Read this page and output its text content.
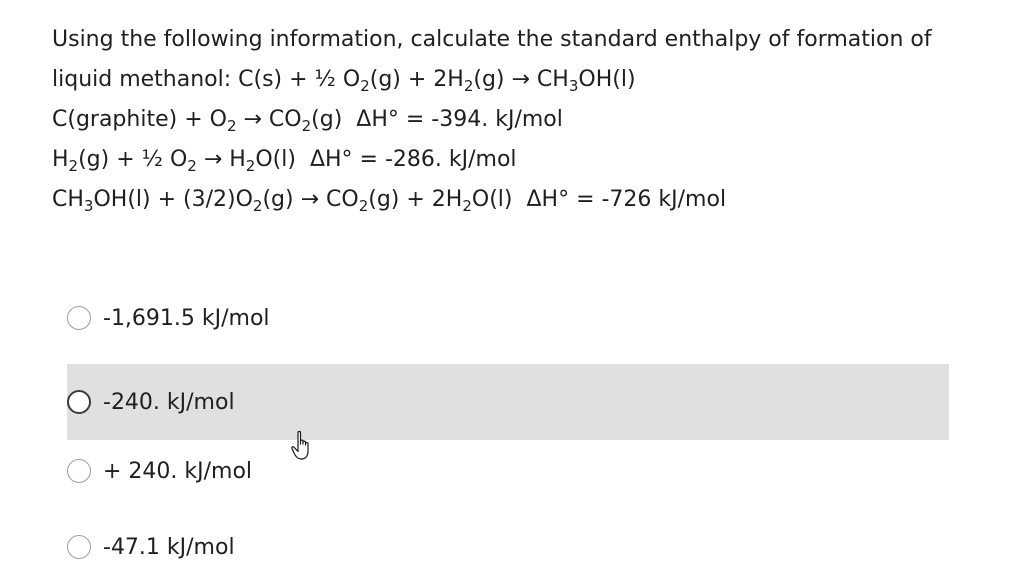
Using the following information, calculate the standard enthalpy of formation of
liquid methanol: C(s) + ½ $O_2(g) + 2H_2(g) \to CH_3OH(l)$
C(graphite) + $O_2 \to CO_2(g) \Delta H^\circ = -394$. kJ/mol
$H_2(g)$ + ½ $O_2 \to H_2O(l) \Delta H^\circ = -286$. kJ/mol
$CH_3OH(l) + (3/2)O_2(g) \to CO_2(g) + 2H_2O(l) \Delta H^\circ = -726$ kJ/mol
-1,691.5 kJ/mol
-240. kJ/mol
+ 240. kJ/mol
-47.1 kJ/mol
